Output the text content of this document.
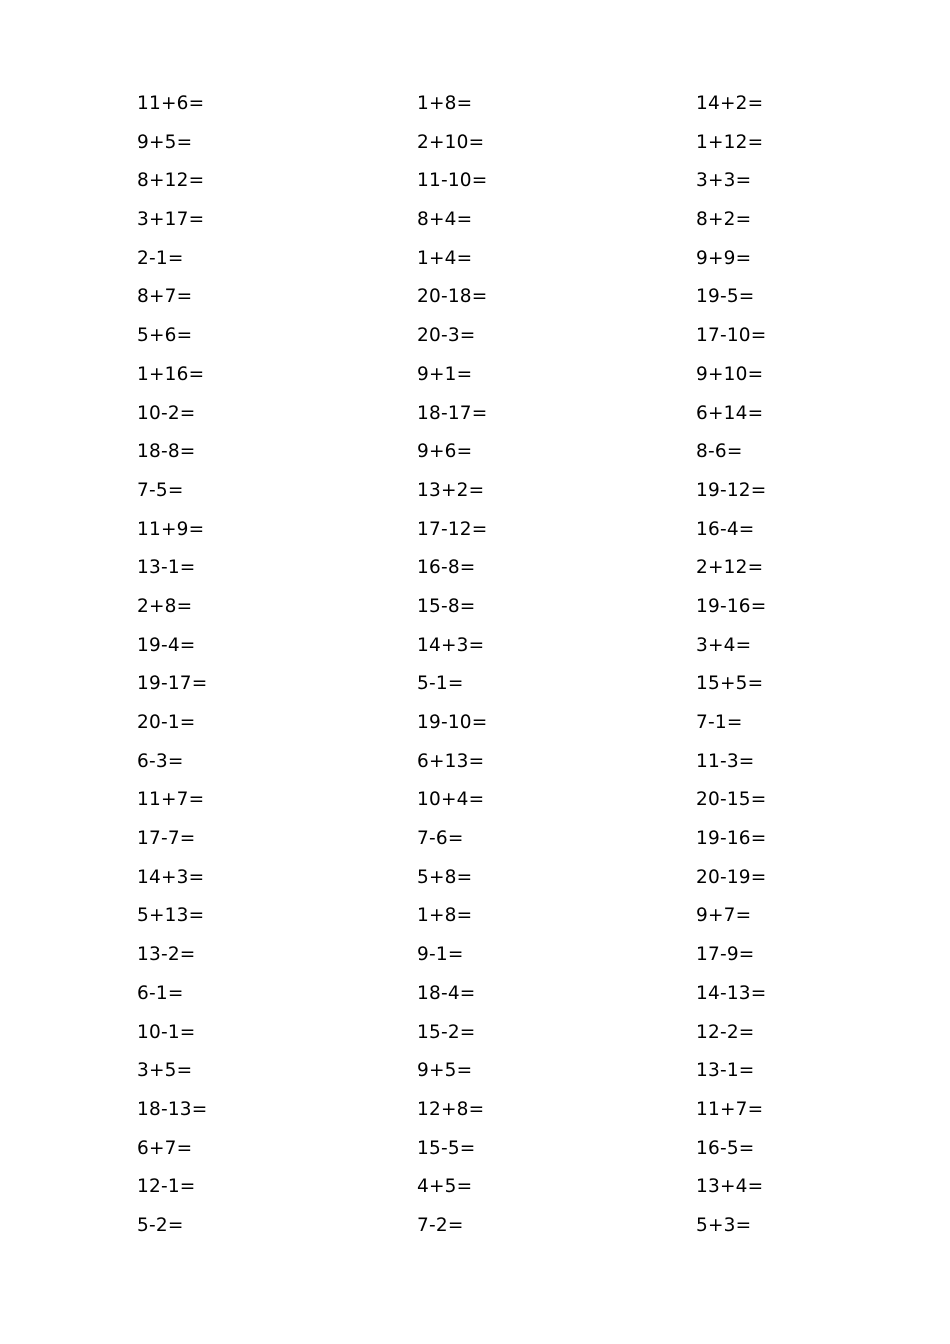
11+6=	1+8=	14+2=
9+5=	2+10=	1+12=
8+12=	11-10=	3+3=
3+17=	8+4=	8+2=
2-1=	1+4=	9+9=
8+7=	20-18=	19-5=
5+6=	20-3=	17-10=
1+16=	9+1=	9+10=
10-2=	18-17=	6+14=
18-8=	9+6=	8-6=
7-5=	13+2=	19-12=
11+9=	17-12=	16-4=
13-1=	16-8=	2+12=
2+8=	15-8=	19-16=
19-4=	14+3=	3+4=
19-17=	5-1=	15+5=
20-1=	19-10=	7-1=
6-3=	6+13=	11-3=
11+7=	10+4=	20-15=
17-7=	7-6=	19-16=
14+3=	5+8=	20-19=
5+13=	1+8=	9+7=
13-2=	9-1=	17-9=
6-1=	18-4=	14-13=
10-1=	15-2=	12-2=
3+5=	9+5=	13-1=
18-13=	12+8=	11+7=
6+7=	15-5=	16-5=
12-1=	4+5=	13+4=
5-2=	7-2=	5+3=
